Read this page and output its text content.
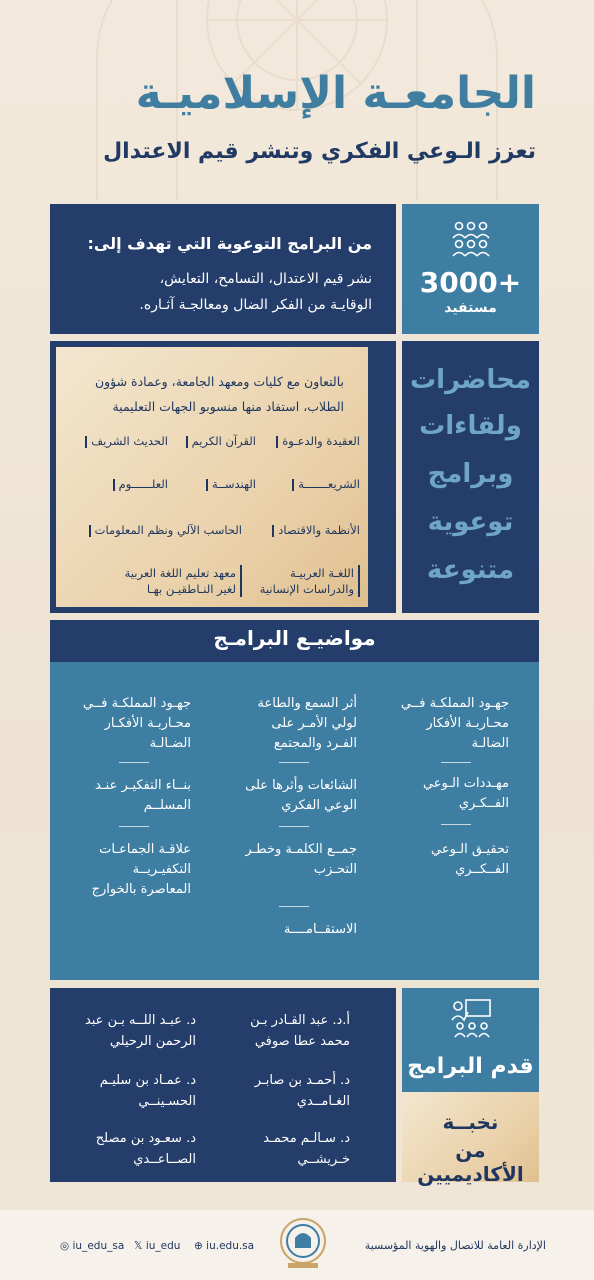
الجامعـة الإسلاميـة
تعزز الـوعي الفكري وتنشر قيم الاعتدال
من البرامج التوعوية التي تهدف إلى:
نشر قيم الاعتدال، التسامح، التعايش،
الوقايـة من الفكر الضال ومعالجـة آثـاره.
3000+
مستفيد
بالتعاون مع كليات ومعهد الجامعة، وعمادة شؤون
الطلاب، استفاد منها منسوبو الجهات التعليمية
العقيدة والدعـوة
القرآن الكريم
الحديث الشريف
الشريعـــــــة
الهندســة
العلــــــوم
الأنظمة والاقتصاد
الحاسب الآلي ونظم المعلومات
اللغـة العربيـة والدراسات الإنسانية
معهد تعليم اللغة العربية لغير النـاطقيـن بهـا
محاضرات
ولقاءات
وبرامج
توعوية
متنوعة
مواضيـع البرامـج
جهـود المملكـة فــي محـاربـة الأفكار الضالـة
مهـددات الـوعي الفــكـري
تحقيـق الـوعي الفــكــري
أثر السمع والطاعة لولي الأمـر على الفـرد والمجتمع
الشائعات وأثرها على الوعي الفكري
جمــع الكلمـة وخطـر التحـزب
الاستقــامــــة
جهـود المملكـة فــي محـاربـة الأفكـار الضـالـة
بنــاء التفكيـر عنـد المسلــم
علاقـة الجماعـات التكفيـريــة المعاصرة بالخوارج
أ.د. عبد القـادر بـن محمد عطا صوفي
د. أحمـد بن صابـر الغـامــدي
د. سـالـم محمـد خـريشــي
د. عبـد اللــه بـن عبد الرحمن الرحيلي
د. عمـاد بن سليـم الحسـينــي
د. سعـود بن مصلح الصــاعــدي
قدم البرامج
نخبــة
من الأكاديميين
◎ iu_edu_sa 𝕏 iu_edu ⊕ iu.edu.sa	الإدارة العامة للاتصال والهوية المؤسسية
